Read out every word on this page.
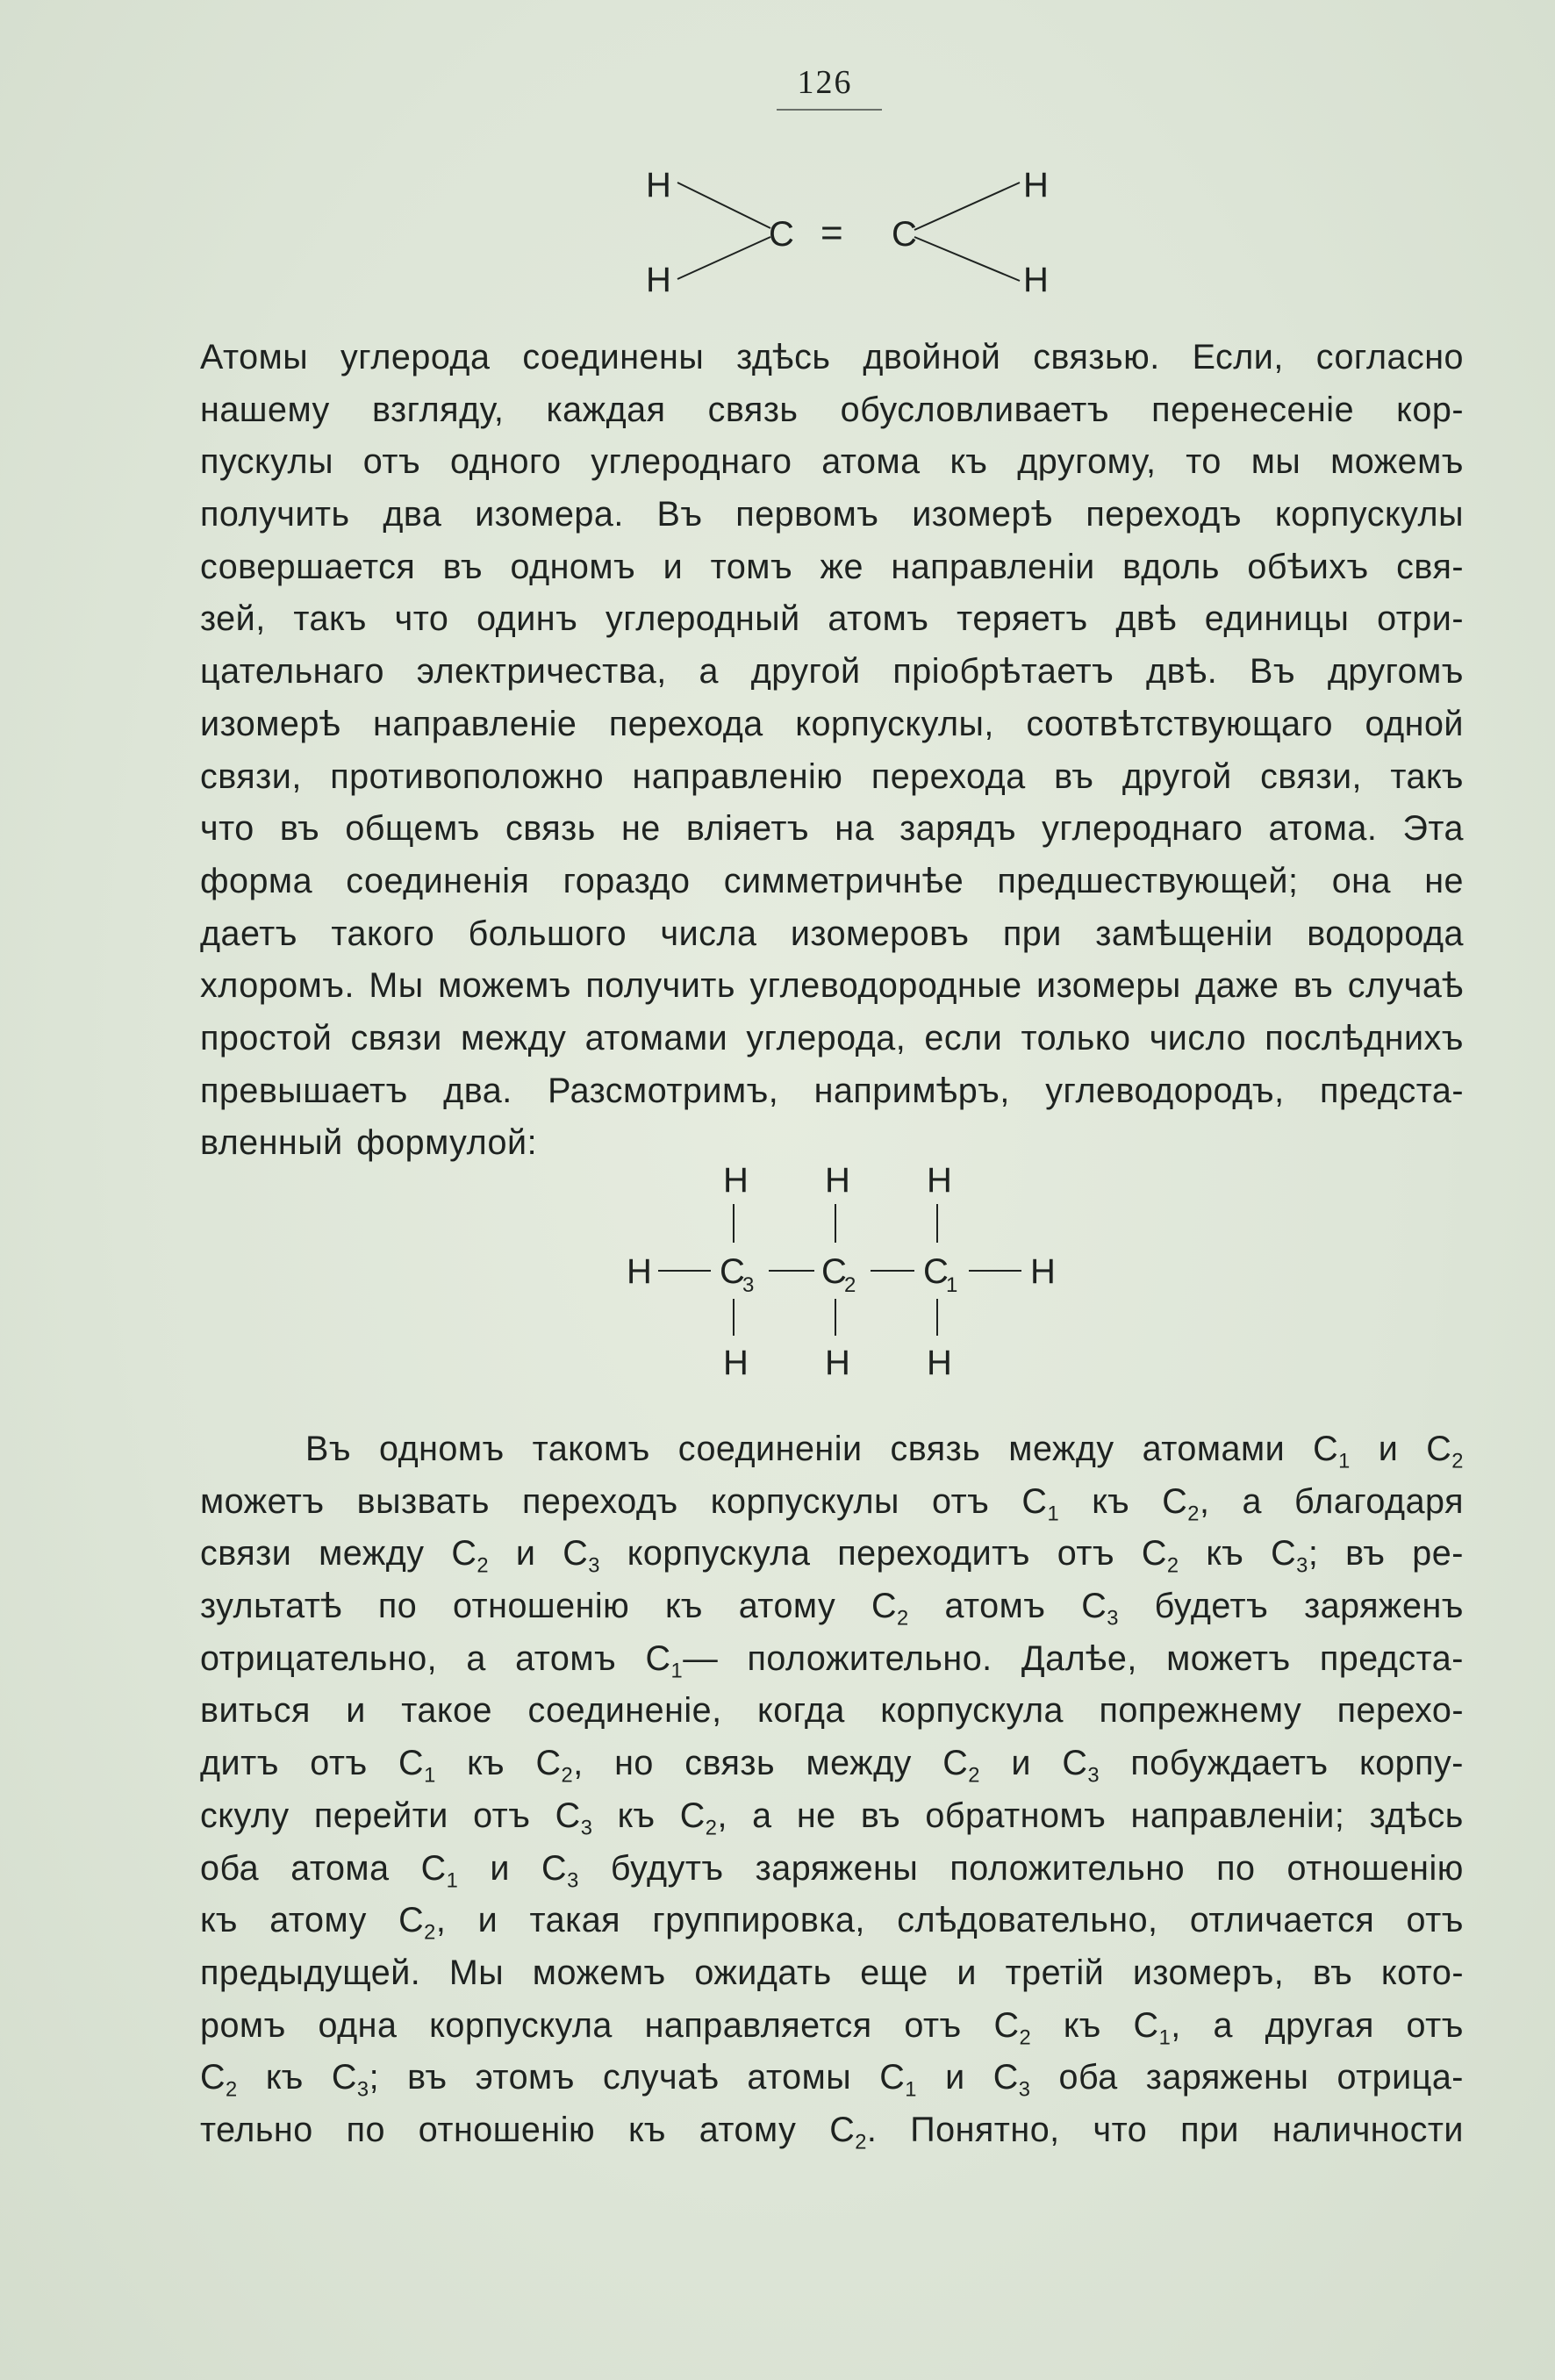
126
H
H
C = C
H
H
Атомы углерода соединены здѣсь двойной связью. Если, согласно
нашему взгляду, каждая связь обусловливаетъ перенесеніе кор-
пускулы отъ одного углероднаго атома къ другому, то мы можемъ
получить два изомера. Въ первомъ изомерѣ переходъ корпускулы
совершается въ одномъ и томъ же направленіи вдоль обѣихъ свя-
зей, такъ что одинъ углеродный атомъ теряетъ двѣ единицы отри-
цательнаго электричества, а другой пріобрѣтаетъ двѣ. Въ другомъ
изомерѣ направленіе перехода корпускулы, соотвѣтствующаго одной
связи, противоположно направленію перехода въ другой связи, такъ
что въ общемъ связь не вліяетъ на зарядъ углероднаго атома. Эта
форма соединенія гораздо симметричнѣе предшествующей; она не
даетъ такого большого числа изомеровъ при замѣщеніи водорода
хлоромъ. Мы можемъ получить углеводородные изомеры даже въ случаѣ
простой связи между атомами углерода, если только число послѣднихъ
превышаетъ два. Разсмотримъ, напримѣръ, углеводородъ, предста-
вленный формулой:
H H H
H C
3 C
2 C
1 H
H H H
Въ одномъ такомъ соединеніи связь между атомами $C_1$ и $C_2$
можетъ вызвать переходъ корпускулы отъ $C_1$ къ $C_2$, а благодаря
связи между $C_2$ и $C_3$ корпускула переходитъ отъ $C_2$ къ $C_3$; въ ре-
зультатѣ по отношенію къ атому $C_2$ атомъ $C_3$ будетъ заряженъ
отрицательно, а атомъ $C_1—$ положительно. Далѣе, можетъ предста-
виться и такое соединеніе, когда корпускула попрежнему перехо-
дитъ отъ $C_1$ къ $C_2$, но связь между $C_2$ и $C_3$ побуждаетъ корпу-
скулу перейти отъ $C_3$ къ $C_2$, а не въ обратномъ направленіи; здѣсь
оба атома $C_1$ и $C_3$ будутъ заряжены положительно по отношенію
къ атому $C_2$, и такая группировка, слѣдовательно, отличается отъ
предыдущей. Мы можемъ ожидать еще и третій изомеръ, въ кото-
ромъ одна корпускула направляется отъ $C_2$ къ $C_1$, а другая отъ
$C_2$ къ $C_3$; въ этомъ случаѣ атомы $C_1$ и $C_3$ оба заряжены отрица-
тельно по отношенію къ атому $C_2$. Понятно, что при наличности
